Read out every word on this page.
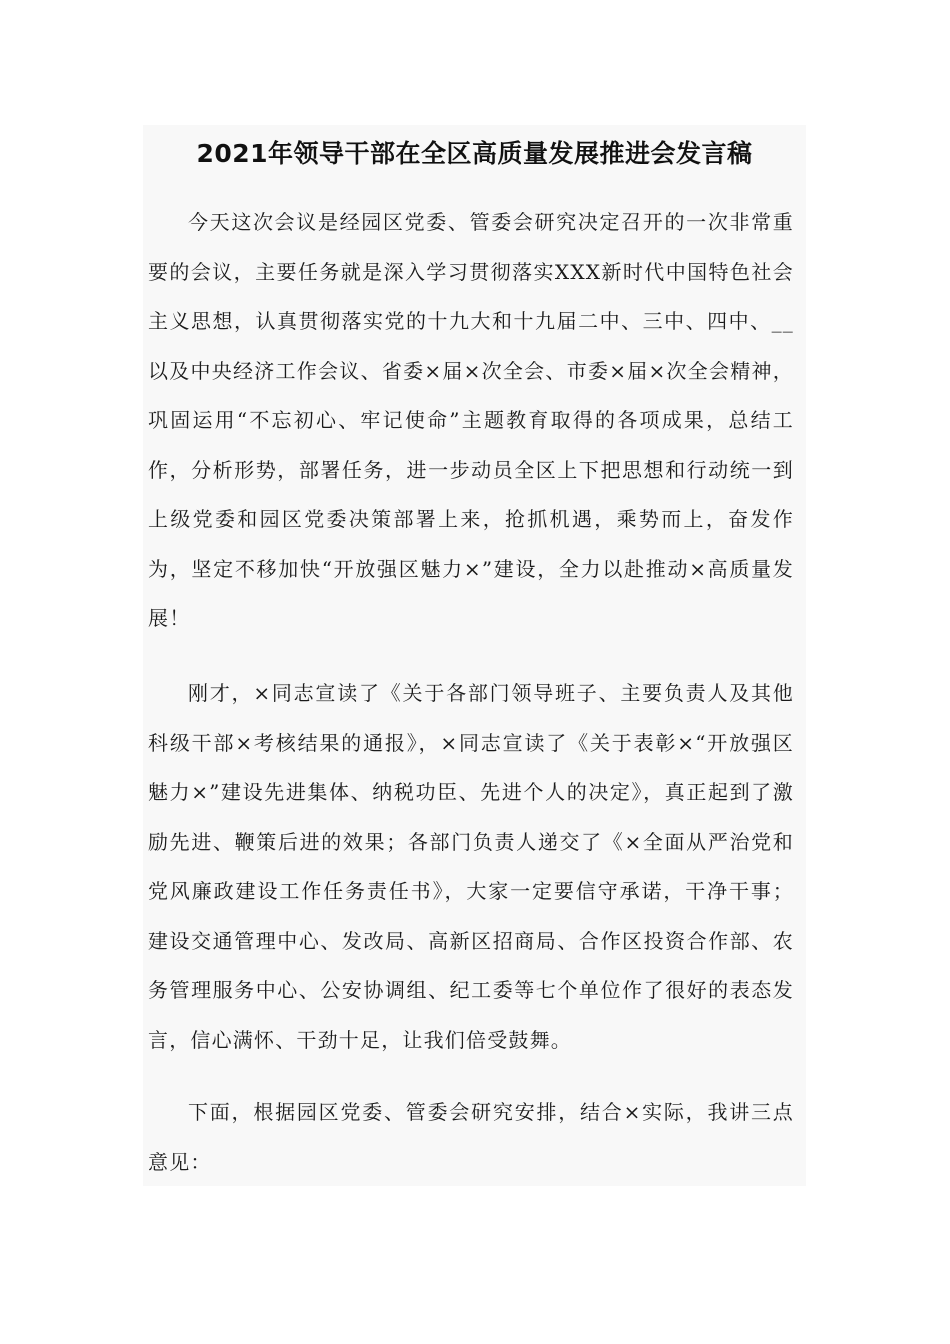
2021年领导干部在全区高质量发展推进会发言稿

今天这次会议是经园区党委、管委会研究决定召开的一次非常重要的会议，主要任务就是深入学习贯彻落实XXX新时代中国特色社会主义思想，认真贯彻落实党的十九大和十九届二中、三中、四中、__以及中央经济工作会议、省委×届×次全会、市委×届×次全会精神，巩固运用“不忘初心、牢记使命”主题教育取得的各项成果，总结工作，分析形势，部署任务，进一步动员全区上下把思想和行动统一到上级党委和园区党委决策部署上来，抢抓机遇，乘势而上，奋发作为，坚定不移加快“开放强区魅力×”建设，全力以赴推动×高质量发展！

刚才，×同志宣读了《关于各部门领导班子、主要负责人及其他科级干部×考核结果的通报》，×同志宣读了《关于表彰×“开放强区魅力×”建设先进集体、纳税功臣、先进个人的决定》，真正起到了激励先进、鞭策后进的效果；各部门负责人递交了《×全面从严治党和党风廉政建设工作任务责任书》，大家一定要信守承诺，干净干事；建设交通管理中心、发改局、高新区招商局、合作区投资合作部、农务管理服务中心、公安协调组、纪工委等七个单位作了很好的表态发言，信心满怀、干劲十足，让我们倍受鼓舞。

下面，根据园区党委、管委会研究安排，结合×实际，我讲三点意见：
